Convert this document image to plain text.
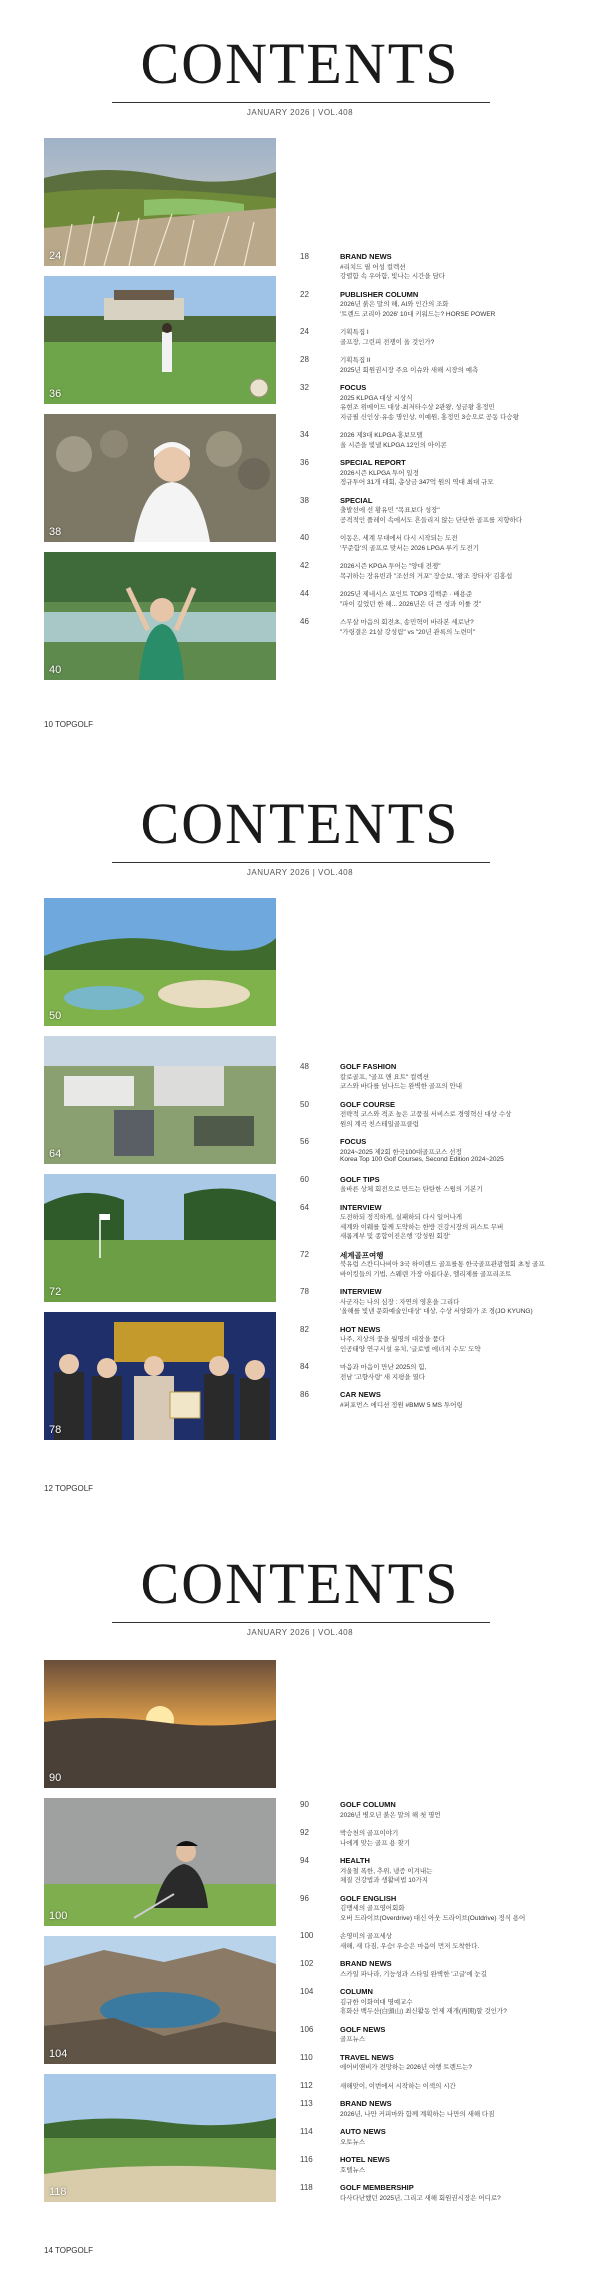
CONTENTS
JANUARY 2026 | VOL.408
24
36
38
40
18	BRAND NEWS
#리치드 필 어성 컬렉션
강렬함 속 우아함, 빛나는 시간을 담다
22	PUBLISHER COLUMN
2026년 붉은 말의 해, AI와 인간의 조화
'트렌드 코리아 2026' 10대 키워드는? HORSE POWER
24	기획특집 I
골프장, 그린피 전쟁이 올 것인가?
28	기획특집 II
2025년 회원권시장 주요 이슈와 새해 시장의 예측
32	FOCUS
2025 KLPGA 대상 시상식
유현조 위메이드 대상·최저타수상 2관왕, 성금왕 홍정민
지금필 신인상·유송 명인상, 이예원, 홍정민 3승으로 공동 다승왕
34	2026 제3대 KLPGA 홍보모델
올 시즌을 빛낼 KLPGA 12인의 아이콘
36	SPECIAL REPORT
2026시즌 KLPGA 투어 일정
정규투어 31개 대회, 총상금 347억 원의 역대 최대 규모
38	SPECIAL
출발선에 선 황유민 "목표보다 성장"
공격적인 플레이 속에서도 흔들리지 않는 단단한 골프를 지향하다
40	이동은, 세계 무대에서 다시 시작되는 도전
'꾸준함'의 골프로 맞서는 2026 LPGA 루키 도전기
42	2026시즌 KPGA 투어는 "양대 전쟁"
목귀하는 장유빈과 "조선의 거포" 장승보, '왕조 장타자' 김홍섭
44	2025년 제네시스 포인트 TOP3 김백준 · 배용준
"파이 깊었던 한 해... 2026년은 더 큰 성과 이룰 것"
46	스무살 마음의 회전초, 송민혁이 바라본 세로난?
"가링결은 21살 강성림" vs "20년 관록의 노련미"
10 TOPGOLF
CONTENTS
JANUARY 2026 | VOL.408
50
64
72
78
48	GOLF FASHION
칼로골프, "골프 앤 요트" 컬렉션
코스와 바다를 넘나드는 완벽한 골프의 안내
50	GOLF COURSE
전략적 코스와 격조 높은 고품질 서비스로 경영혁신 대상 수상
원의 계곡 친스테일골프클럽
56	FOCUS
2024~2025 제2회 한국100대골프코스 선정
Korea Top 100 Golf Courses, Second Edition 2024~2025
60	GOLF TIPS
올바른 상체 회전으로 만드는 탄탄한 스윙의 기본기
64	INTERVIEW
도전하되 정직하게, 실패하되 다시 일어나게
세계와 이웨를 함께 도약하는 한방 건강시장의 퍼스트 무버
새롭게부 및 종합이진은행 '강성원 회장'
72	세계골프여행
북유럽 스칸디나비아 3국 하이랜드 골프를통 한국골프관광협회 초청 골프
바이킹들의 기법, 스웨덴 가장 아름다운, 엘리제를 골프리조트
78	INTERVIEW
사군자는 나의 심장 : 자연의 영혼을 그리다
'올해를 빛낸 문화예술인대상' 대상, 수상 서양화가 조 경(JO KYUNG)
82	HOT NEWS
나주, 지상의 꽃을 월명의 대장을 품다
인공태양 연구시설 유치, '글로벌 에너지 수도' 도약
84	마음과 마음이 만난 2025의 힘,
전남 '고향사랑' 새 지평을 열다
86	CAR NEWS
#퍼포먼스 에디션 정원 #BMW 5 MS 투어링
12 TOPGOLF
CONTENTS
JANUARY 2026 | VOL.408
90
100
104
118
90	GOLF COLUMN
2026년 병오년 붉은 말의 해 첫 명언
92	박승천의 골프이야기
나에게 맞는 골프 용 찾기
94	HEALTH
겨울철 폭한, 추위, 냉증 이겨내는
체질 건강법과 생활비법 10가지
96	GOLF ENGLISH
김맹세의 골프영어회화
오버 드라이브(Overdrive) 대신 아웃 드라이브(Outdrive) 정식 용어
100	손영미의 골프세상
새해, 새 다짐, 우승! 우승은 마음이 먼저 도착한다.
102	BRAND NEWS
스카일 파나라, 기능성과 스타일 완벽한 '고글'에 눈길
104	COLUMN
김규한 이화여대 명예교수
휴화산 백두산(白頭山) 최신활동 언제 재개(再開)할 것인가?
106	GOLF NEWS
골프뉴스
110	TRAVEL NEWS
에어비앤비가 전망하는 2026년 여행 트렌드는?
112	새해맞이, 이번에서 시작하는 이색의 시간
113	BRAND NEWS
2026년, 나만 커피마와 함께 계획하는 나만의 새해 다짐
114	AUTO NEWS
오토뉴스
116	HOTEL NEWS
호텔뉴스
118	GOLF MEMBERSHIP
다사다난했던 2025년, 그리고 새해 회원권시장은 어디로?
14 TOPGOLF
